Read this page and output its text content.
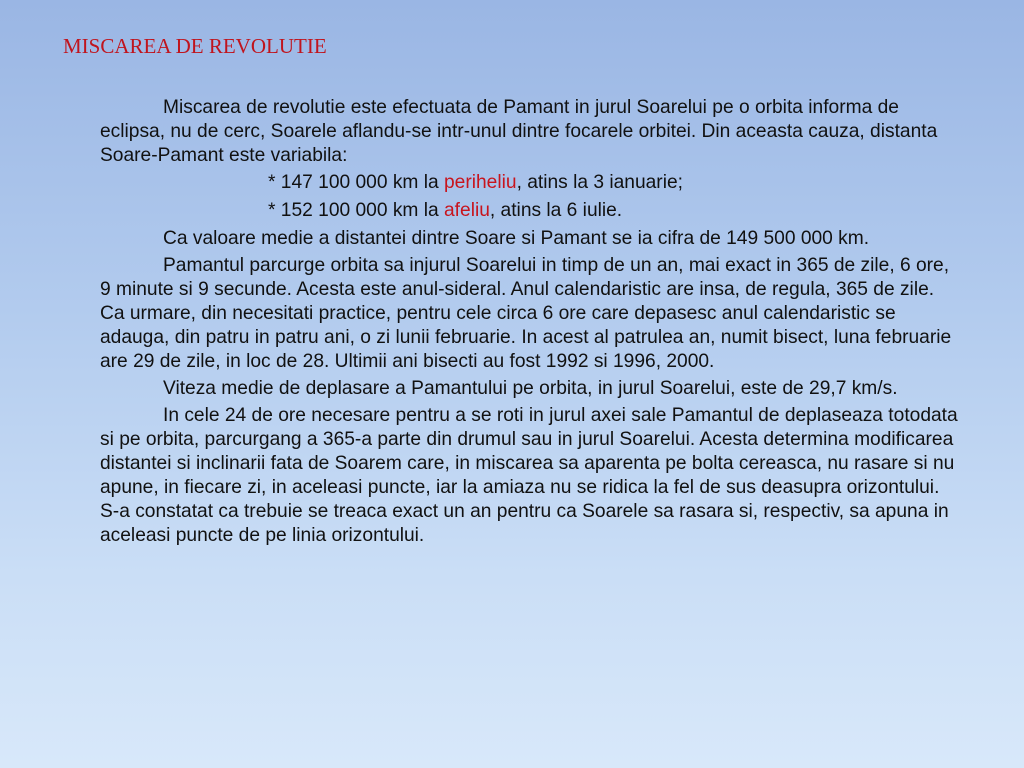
MISCAREA DE REVOLUTIE

Miscarea de revolutie este efectuata de Pamant in jurul Soarelui pe o orbita informa de eclipsa, nu de cerc, Soarele aflandu-se intr-unul dintre focarele orbitei. Din aceasta cauza, distanta Soare-Pamant este variabila:

* 147 100 000 km la periheliu, atins la 3 ianuarie;

* 152 100 000 km la afeliu, atins la 6 iulie.

Ca valoare medie a distantei dintre Soare si Pamant se ia cifra de 149 500 000 km.

Pamantul parcurge orbita sa injurul Soarelui in timp de un an, mai exact in 365 de zile, 6 ore, 9 minute si 9 secunde. Acesta este anul-sideral. Anul calendaristic are insa, de regula, 365 de zile. Ca urmare, din necesitati practice, pentru cele circa 6 ore care depasesc anul calendaristic se adauga, din patru in patru ani, o zi lunii februarie. In acest al patrulea an, numit bisect, luna februarie are 29 de zile, in loc de 28. Ultimii ani bisecti au fost 1992 si 1996, 2000.

Viteza medie de deplasare a Pamantului pe orbita, in jurul Soarelui, este de 29,7 km/s.

In cele 24 de ore necesare pentru a se roti in jurul axei sale Pamantul de deplaseaza totodata si pe orbita, parcurgang a 365-a parte din drumul sau in jurul Soarelui. Acesta determina modificarea distantei si inclinarii fata de Soarem care, in miscarea sa aparenta pe bolta cereasca, nu rasare si nu apune, in fiecare zi, in aceleasi puncte, iar la amiaza nu se ridica la fel de sus deasupra orizontului. S-a constatat ca trebuie se treaca exact un an pentru ca Soarele sa rasara si, respectiv, sa apuna in aceleasi puncte de pe linia orizontului.
